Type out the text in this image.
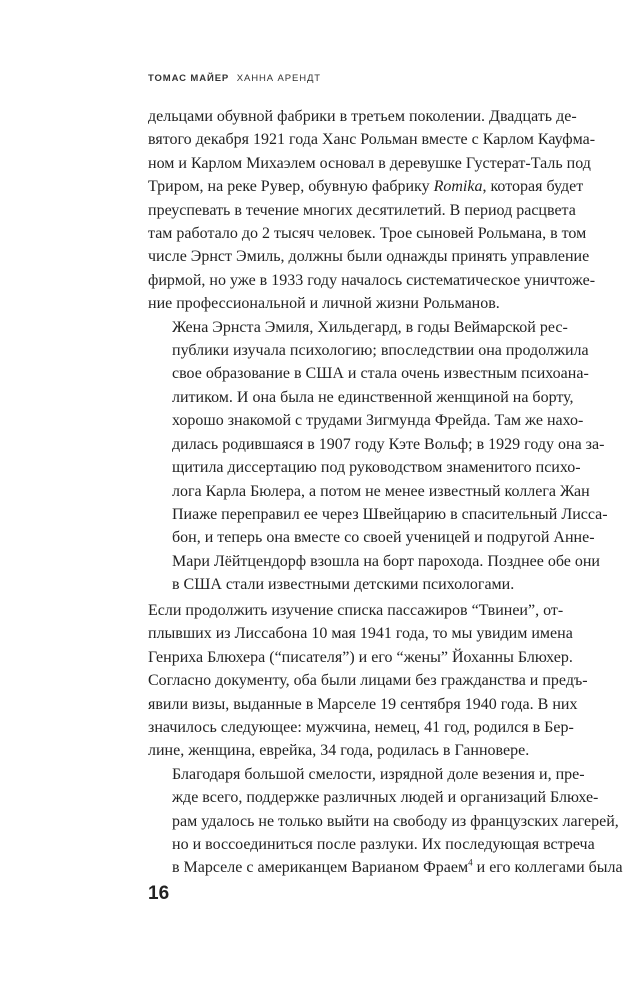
ТОМАС МАЙЕР ХАННА АРЕНДТ

дельцами обувной фабрики в третьем поколении. Двадцать де-
вятого декабря 1921 года Ханс Рольман вместе с Карлом Кауфма-
ном и Карлом Михаэлем основал в деревушке Густерат-Таль под
Триром, на реке Рувер, обувную фабрику Romika, которая будет
преуспевать в течение многих десятилетий. В период расцвета
там работало до 2 тысяч человек. Трое сыновей Рольмана, в том
числе Эрнст Эмиль, должны были однажды принять управление
фирмой, но уже в 1933 году началось систематическое уничтоже-
ние профессиональной и личной жизни Рольманов.

Жена Эрнста Эмиля, Хильдегард, в годы Веймарской рес-
публики изучала психологию; впоследствии она продолжила
свое образование в США и стала очень известным психоана-
литиком. И она была не единственной женщиной на борту,
хорошо знакомой с трудами Зигмунда Фрейда. Там же нахо-
дилась родившаяся в 1907 году Кэте Вольф; в 1929 году она за-
щитила диссертацию под руководством знаменитого психо-
лога Карла Бюлера, а потом не менее известный коллега Жан
Пиаже переправил ее через Швейцарию в спасительный Лисса-
бон, и теперь она вместе со своей ученицей и подругой Анне-
Мари Лёйтцендорф взошла на борт парохода. Позднее обе они
в США стали известными детскими психологами.

Если продолжить изучение списка пассажиров “Твинеи”, от-
плывших из Лиссабона 10 мая 1941 года, то мы увидим имена
Генриха Блюхера (“писателя”) и его “жены” Йоханны Блюхер.
Согласно документу, оба были лицами без гражданства и предъ-
явили визы, выданные в Марселе 19 сентября 1940 года. В них
значилось следующее: мужчина, немец, 41 год, родился в Бер-
лине, женщина, еврейка, 34 года, родилась в Ганновере.

Благодаря большой смелости, изрядной доле везения и, пре-
жде всего, поддержке различных людей и организаций Блюхе-
рам удалось не только выйти на свободу из французских лагерей,
но и воссоединиться после разлуки. Их последующая встреча
в Марселе с американцем Варианом Фраем$^4$ и его коллегами была

16
